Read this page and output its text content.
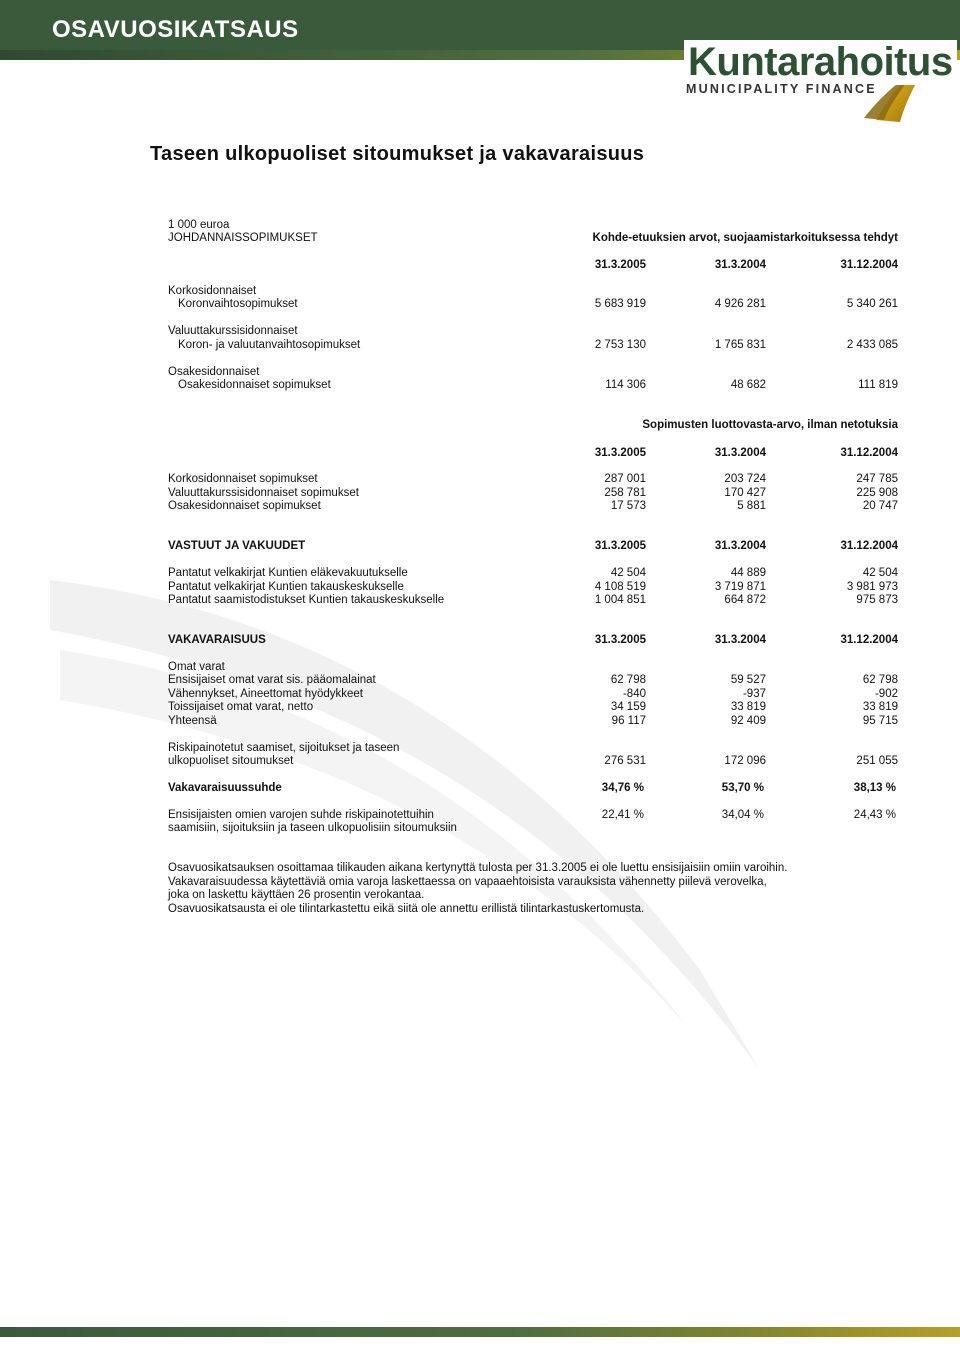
OSAVUOSIKATSAUS
Kuntarahoitus
MUNICIPALITY FINANCE
Taseen ulkopuoliset sitoumukset ja vakavaraisuus
1 000 euroa
JOHDANNAISSOPIMUKSET	Kohde-etuuksien arvot, suojaamistarkoituksessa tehdyt
31.3.2005	31.3.2004	31.12.2004
Korkosidonnaiset
Koronvaihtosopimukset	5 683 919	4 926 281	5 340 261
Valuuttakurssisidonnaiset
Koron- ja valuutanvaihtosopimukset	2 753 130	1 765 831	2 433 085
Osakesidonnaiset
Osakesidonnaiset sopimukset	114 306	48 682	111 819
Sopimusten luottovasta-arvo, ilman netotuksia
31.3.2005	31.3.2004	31.12.2004
Korkosidonnaiset sopimukset	287 001	203 724	247 785
Valuuttakurssisidonnaiset sopimukset	258 781	170 427	225 908
Osakesidonnaiset sopimukset	17 573	5 881	20 747
VASTUUT JA VAKUUDET	31.3.2005	31.3.2004	31.12.2004
Pantatut velkakirjat Kuntien eläkevakuutukselle	42 504	44 889	42 504
Pantatut velkakirjat Kuntien takauskeskukselle	4 108 519	3 719 871	3 981 973
Pantatut saamistodistukset Kuntien takauskeskukselle	1 004 851	664 872	975 873
VAKAVARAISUUS	31.3.2005	31.3.2004	31.12.2004
Omat varat
Ensisijaiset omat varat sis. pääomalainat	62 798	59 527	62 798
Vähennykset, Aineettomat hyödykkeet	-840	-937	-902
Toissijaiset omat varat, netto	34 159	33 819	33 819
Yhteensä	96 117	92 409	95 715
Riskipainotetut saamiset, sijoitukset ja taseen
ulkopuoliset sitoumukset	276 531	172 096	251 055
Vakavaraisuussuhde	34,76 %	53,70 %	38,13 %
Ensisijaisten omien varojen suhde riskipainotettuihin	22,41 %	34,04 %	24,43 %
saamisiin, sijoituksiin ja taseen ulkopuolisiin sitoumuksiin
Osavuosikatsauksen osoittamaa tilikauden aikana kertynyttä tulosta per 31.3.2005 ei ole luettu ensisijaisiin omiin varoihin.
Vakavaraisuudessa käytettäviä omia varoja laskettaessa on vapaaehtoisista varauksista vähennetty piilevä verovelka,
joka on laskettu käyttäen 26 prosentin verokantaa.
Osavuosikatsausta ei ole tilintarkastettu eikä siitä ole annettu erillistä tilintarkastuskertomusta.
